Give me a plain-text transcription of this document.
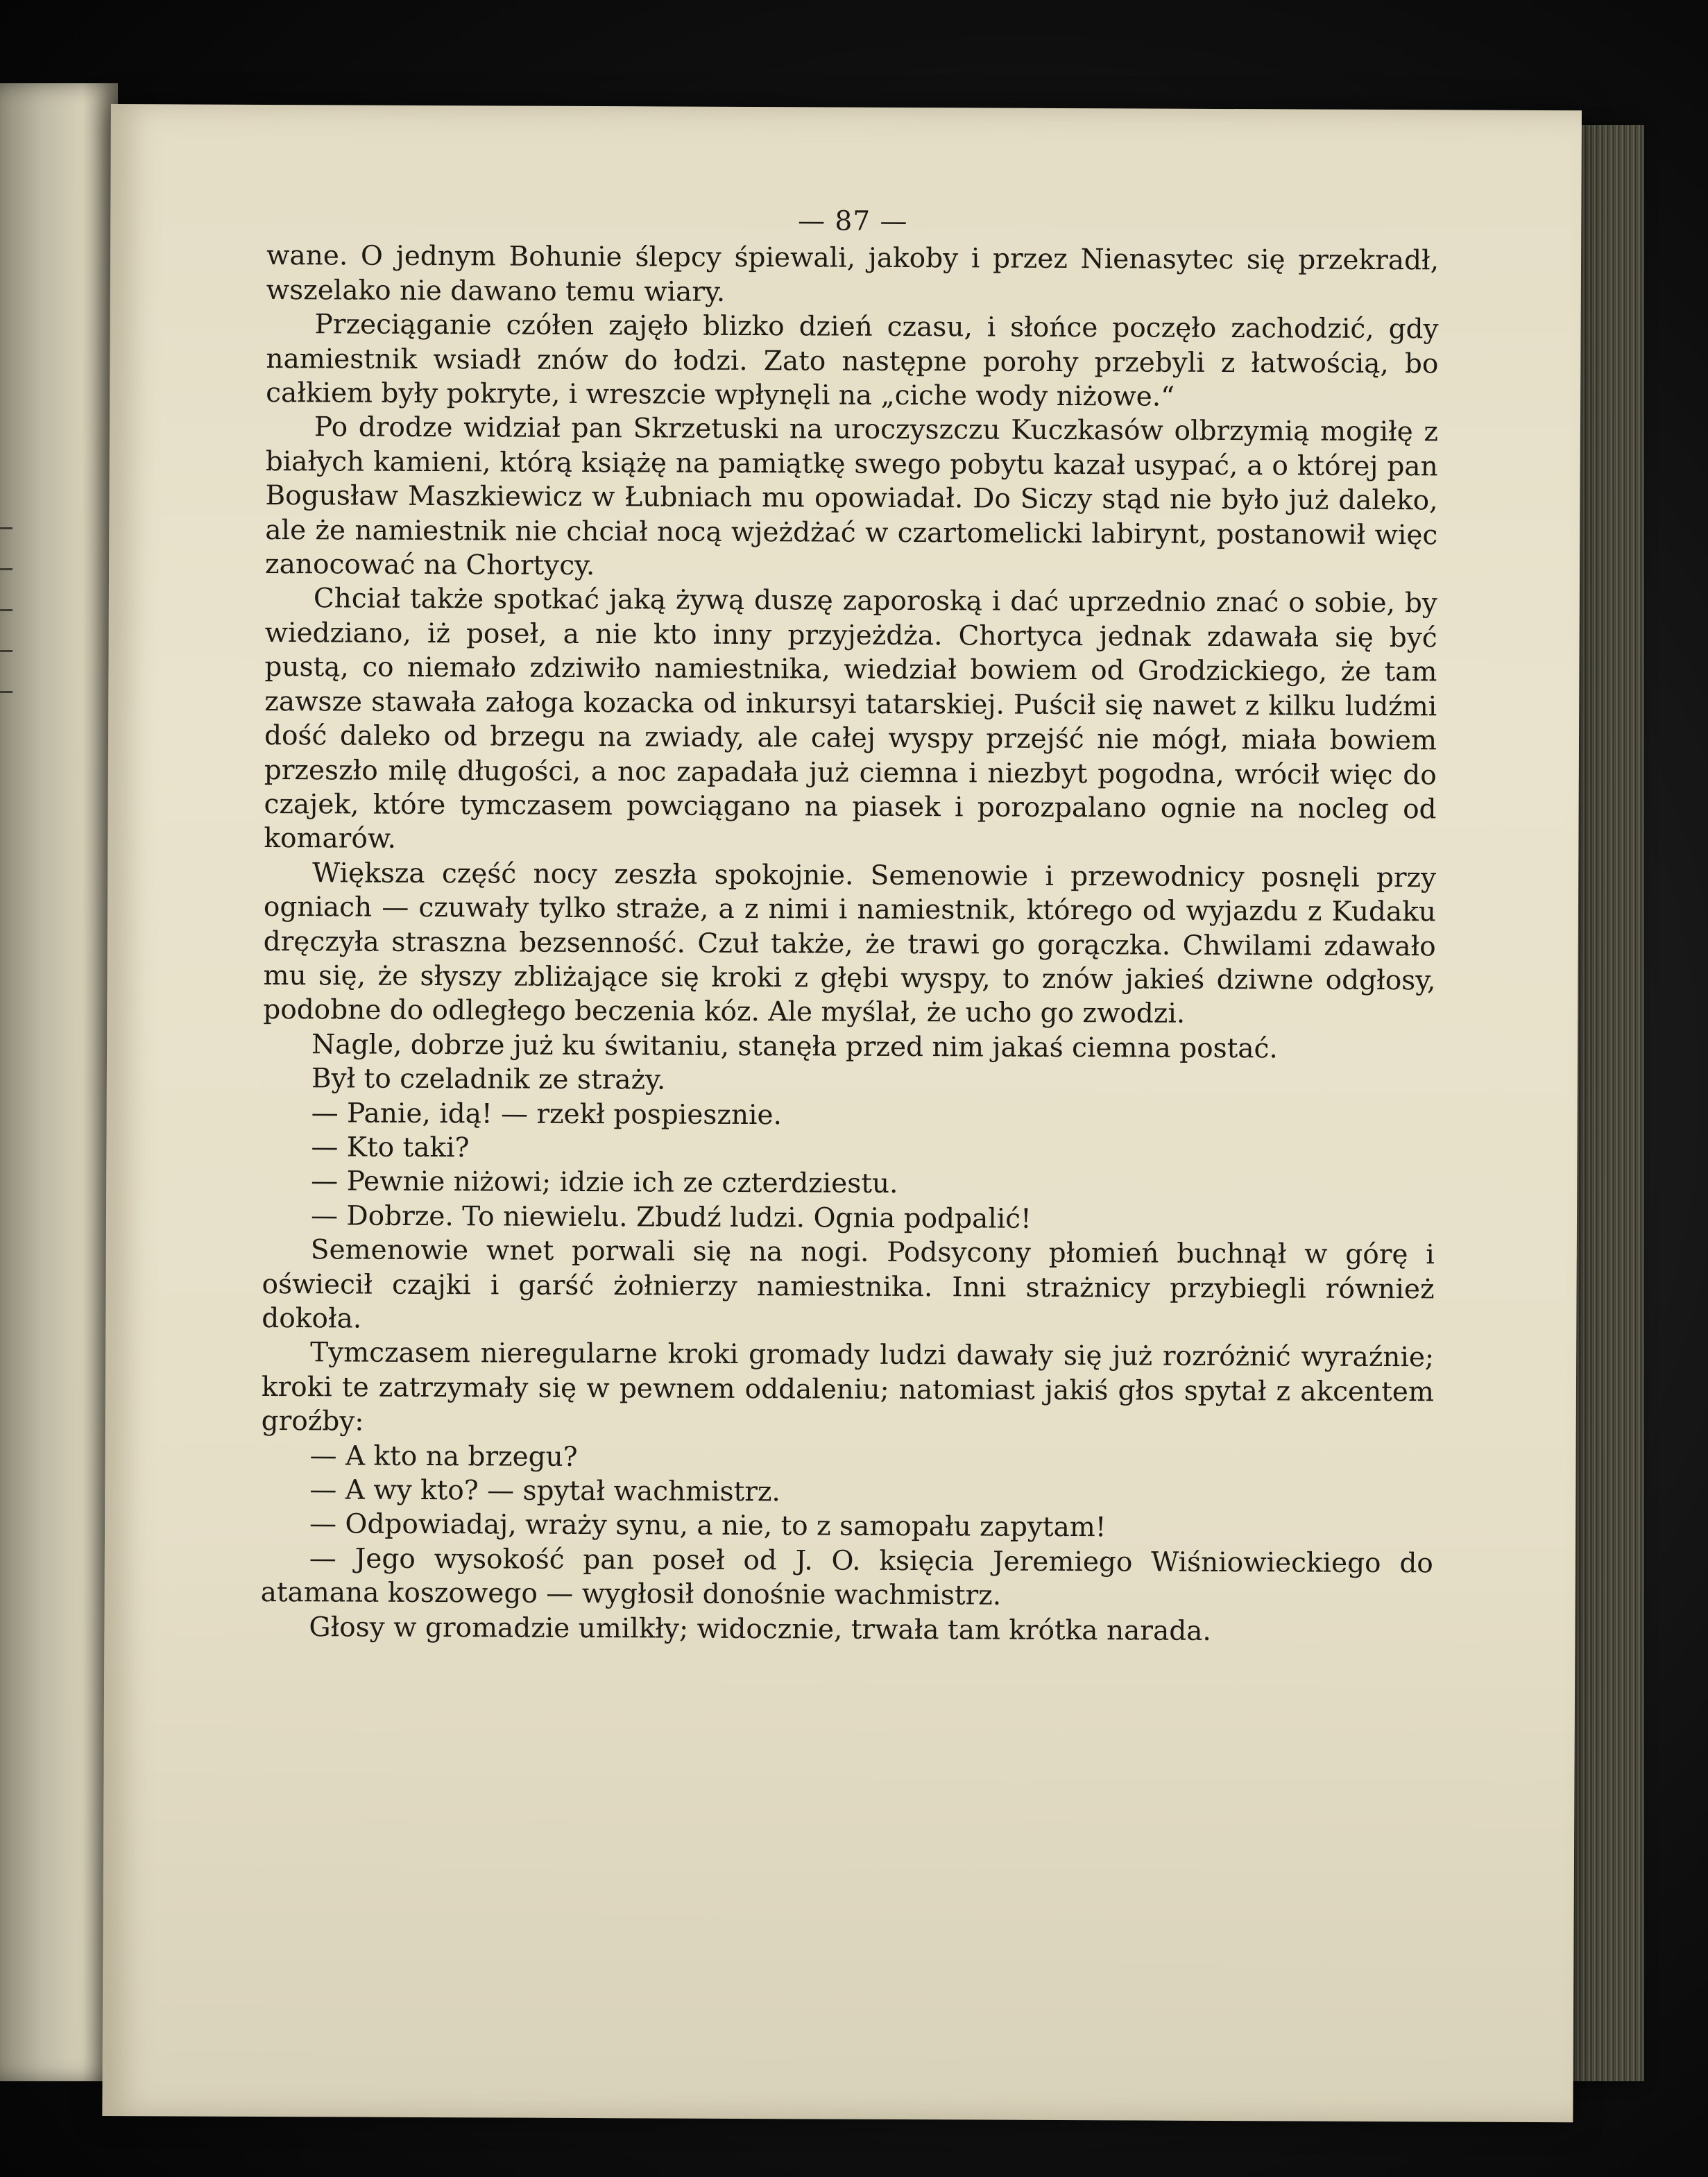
— 87 —

wane. O jednym Bohunie ślepcy śpiewali, jakoby i przez Nienasytec się przekradł, wszelako nie dawano temu wiary.

Przeciąganie czółen zajęło blizko dzień czasu, i słońce poczęło zachodzić, gdy namiestnik wsiadł znów do łodzi. Zato następne porohy przebyli z łatwością, bo całkiem były pokryte, i wreszcie wpłynęli na „ciche wody niżowe.“

Po drodze widział pan Skrzetuski na uroczyszczu Kuczkasów olbrzymią mogiłę z białych kamieni, którą książę na pamiątkę swego pobytu kazał usypać, a o której pan Bogusław Maszkiewicz w Łubniach mu opowiadał. Do Siczy stąd nie było już daleko, ale że namiestnik nie chciał nocą wjeżdżać w czartomelicki labirynt, postanowił więc zanocować na Chortycy.

Chciał także spotkać jaką żywą duszę zaporoską i dać uprzednio znać o sobie, by wiedziano, iż poseł, a nie kto inny przyjeżdża. Chortyca jednak zdawała się być pustą, co niemało zdziwiło namiestnika, wiedział bowiem od Grodzickiego, że tam zawsze stawała załoga kozacka od inkursyi tatarskiej. Puścił się nawet z kilku ludźmi dość daleko od brzegu na zwiady, ale całej wyspy przejść nie mógł, miała bowiem przeszło milę długości, a noc zapadała już ciemna i niezbyt pogodna, wrócił więc do czajek, które tymczasem powciągano na piasek i porozpalano ognie na nocleg od komarów.

Większa część nocy zeszła spokojnie. Semenowie i przewodnicy posnęli przy ogniach — czuwały tylko straże, a z nimi i namiestnik, którego od wyjazdu z Kudaku dręczyła straszna bezsenność. Czuł także, że trawi go gorączka. Chwilami zdawało mu się, że słyszy zbliżające się kroki z głębi wyspy, to znów jakieś dziwne odgłosy, podobne do odległego beczenia kóz. Ale myślał, że ucho go zwodzi.

Nagle, dobrze już ku świtaniu, stanęła przed nim jakaś ciemna postać.

Był to czeladnik ze straży.

— Panie, idą! — rzekł pospiesznie.

— Kto taki?

— Pewnie niżowi; idzie ich ze czterdziestu.

— Dobrze. To niewielu. Zbudź ludzi. Ognia podpalić!

Semenowie wnet porwali się na nogi. Podsycony płomień buchnął w górę i oświecił czajki i garść żołnierzy namiestnika. Inni strażnicy przybiegli również dokoła.

Tymczasem nieregularne kroki gromady ludzi dawały się już rozróżnić wyraźnie; kroki te zatrzymały się w pewnem oddaleniu; natomiast jakiś głos spytał z akcentem groźby:

— A kto na brzegu?

— A wy kto? — spytał wachmistrz.

— Odpowiadaj, wraży synu, a nie, to z samopału zapytam!

— Jego wysokość pan poseł od J. O. księcia Jeremiego Wiśniowieckiego do atamana koszowego — wygłosił donośnie wachmistrz.

Głosy w gromadzie umilkły; widocznie, trwała tam krótka narada.
